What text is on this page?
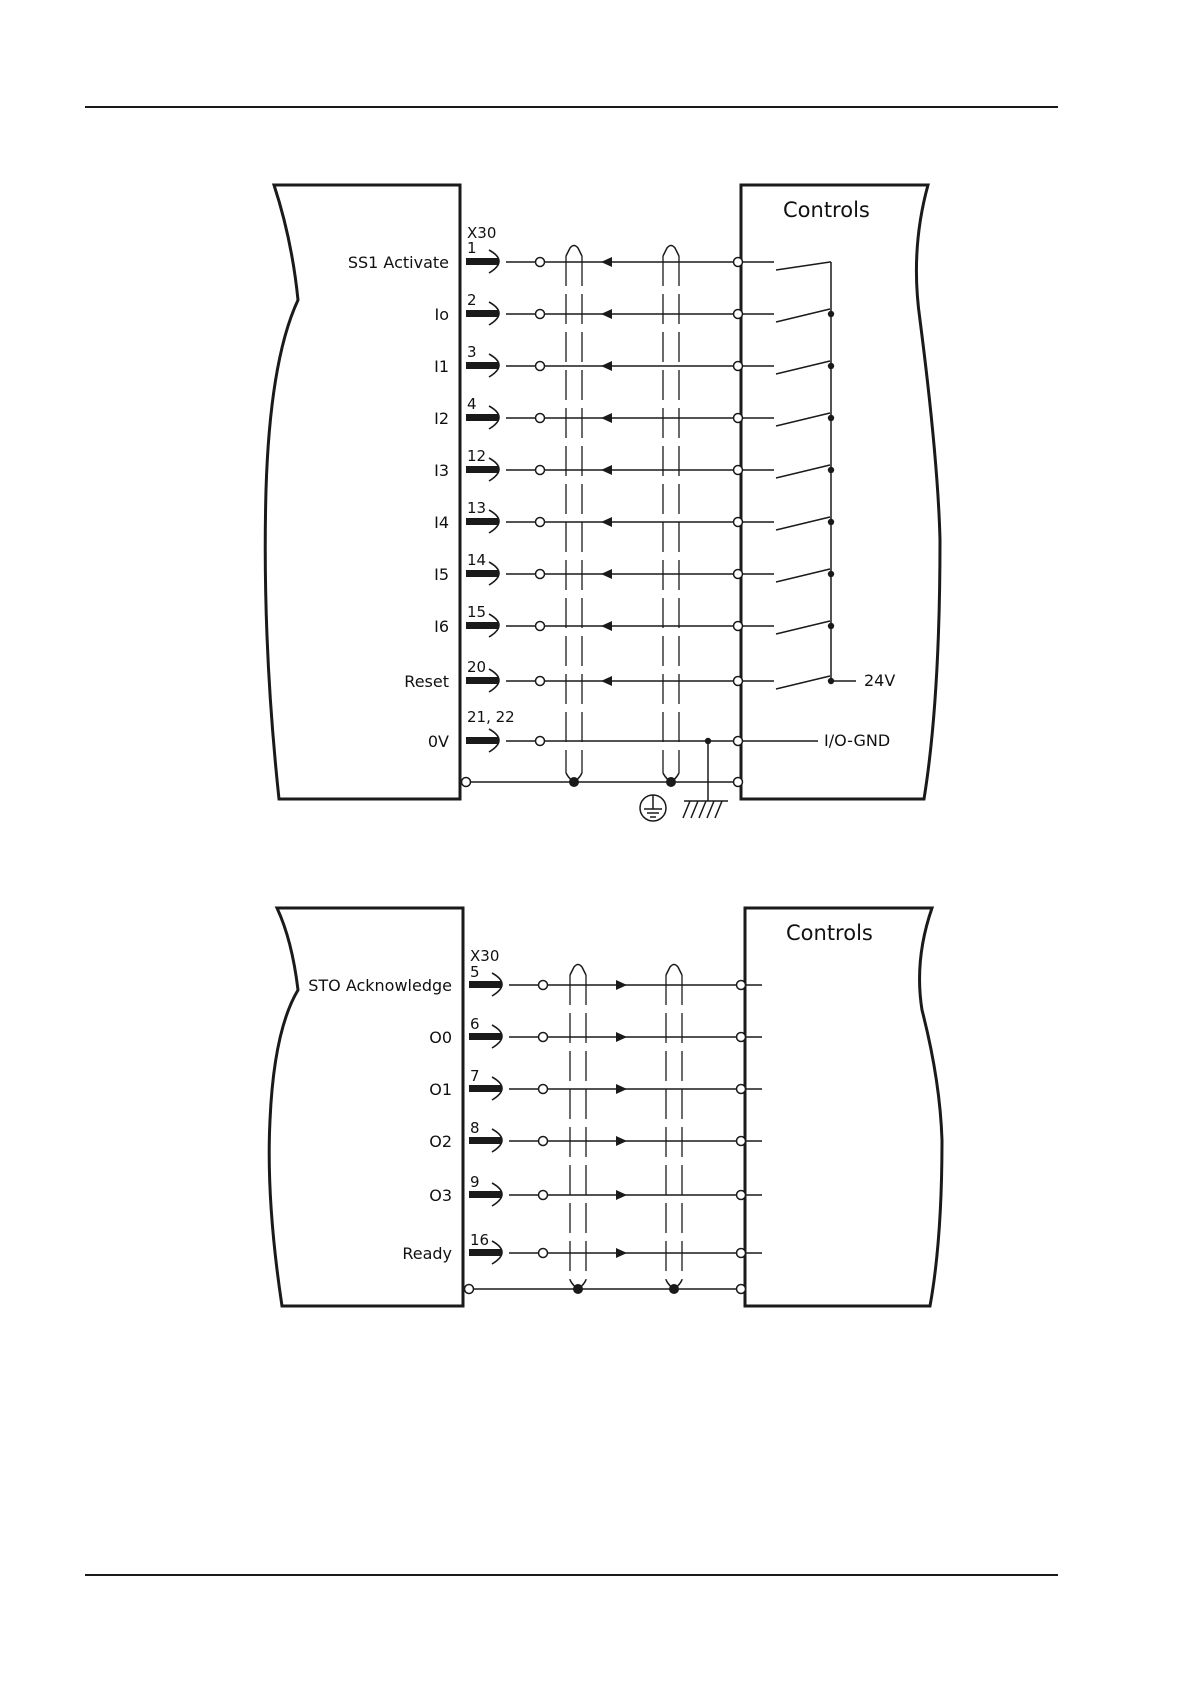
Controls
X30
SS1 Activate
1
Io
2
I1
3
I2
4
I3
12
I4
13
I5
14
I6
15
Reset
20
24V
0V
21, 22
I/O-GND
Controls
X30
STO Acknowledge
5
O0
6
O1
7
O2
8
O3
9
Ready
16
